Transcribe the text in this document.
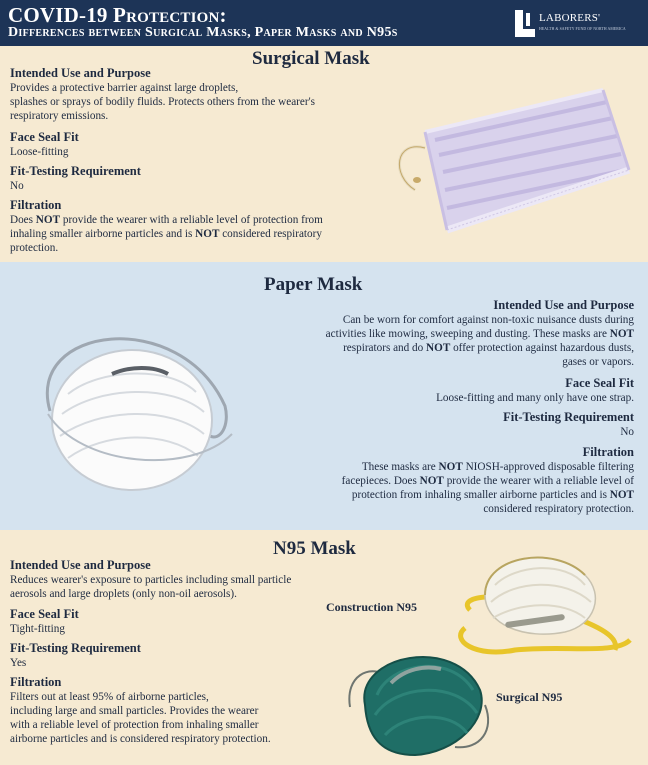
COVID-19 Protection:
Differences between Surgical Masks, Paper Masks and N95s
LABORERS'
HEALTH & SAFETY FUND OF NORTH AMERICA
Surgical Mask
Intended Use and Purpose
Provides a protective barrier against large droplets,
splashes or sprays of bodily fluids. Protects others from the wearer's
respiratory emissions.
Face Seal Fit
Loose-fitting
Fit-Testing Requirement
No
Filtration
Does NOT provide the wearer with a reliable level of protection from
inhaling smaller airborne particles and is NOT considered respiratory
protection.
Paper Mask
Intended Use and Purpose
Can be worn for comfort against non-toxic nuisance dusts during
activities like mowing, sweeping and dusting. These masks are NOT
respirators and do NOT offer protection against hazardous dusts,
gases or vapors.
Face Seal Fit
Loose-fitting and many only have one strap.
Fit-Testing Requirement
No
Filtration
These masks are NOT NIOSH-approved disposable filtering
facepieces. Does NOT provide the wearer with a reliable level of
protection from inhaling smaller airborne particles and is NOT
considered respiratory protection.
N95 Mask
Intended Use and Purpose
Reduces wearer's exposure to particles including small particle
aerosols and large droplets (only non-oil aerosols).
Face Seal Fit
Tight-fitting
Fit-Testing Requirement
Yes
Filtration
Filters out at least 95% of airborne particles,
including large and small particles. Provides the wearer
with a reliable level of protection from inhaling smaller
airborne particles and is considered respiratory protection.
Construction N95
Surgical N95
